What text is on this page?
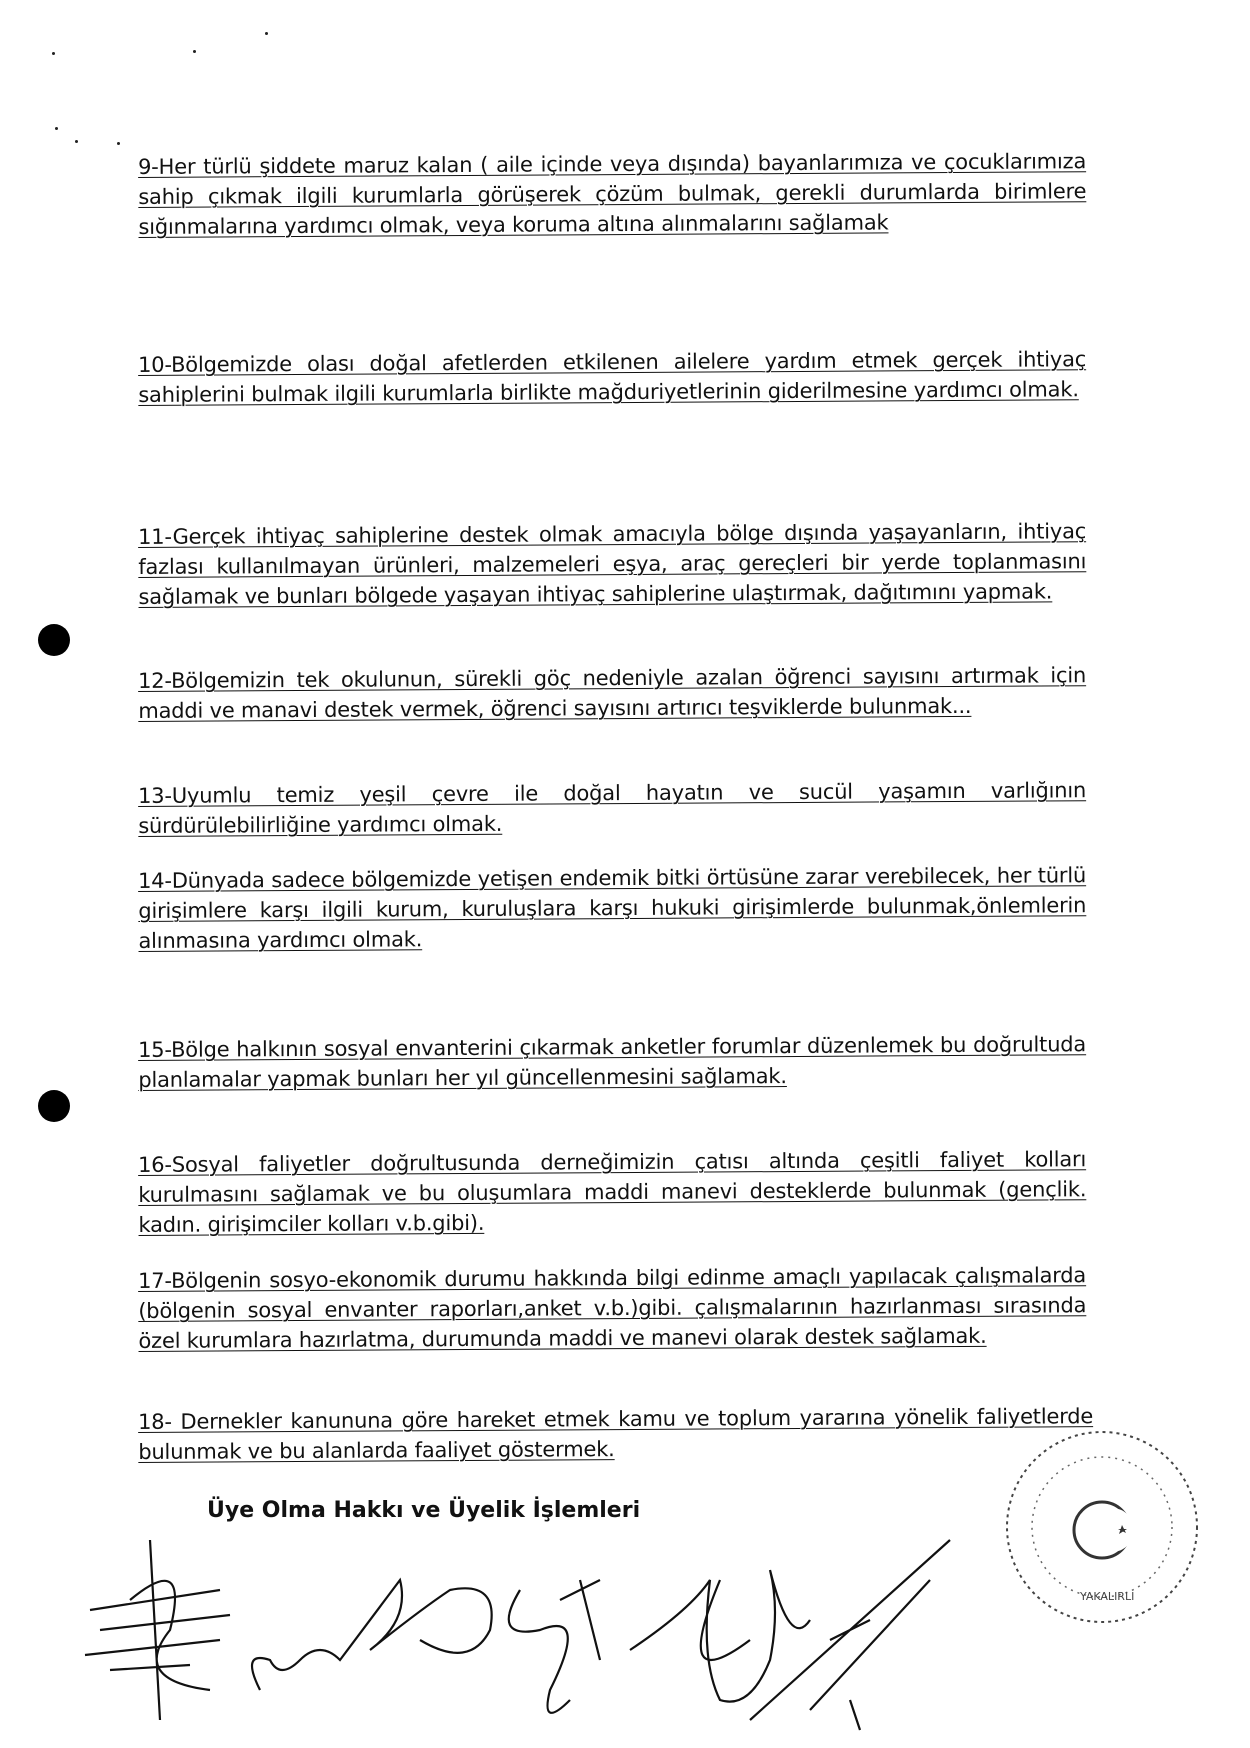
9-Her türlü şiddete maruz kalan ( aile içinde veya dışında) bayanlarımıza ve çocuklarımıza sahip çıkmak ilgili kurumlarla görüşerek çözüm bulmak, gerekli durumlarda birimlere sığınmalarına yardımcı olmak, veya koruma altına alınmalarını sağlamak
10-Bölgemizde olası doğal afetlerden etkilenen ailelere yardım etmek gerçek ihtiyaç sahiplerini bulmak ilgili kurumlarla birlikte mağduriyetlerinin giderilmesine yardımcı olmak.
11-Gerçek ihtiyaç sahiplerine destek olmak amacıyla bölge dışında yaşayanların, ihtiyaç fazlası kullanılmayan ürünleri, malzemeleri eşya, araç gereçleri bir yerde toplanmasını sağlamak ve bunları bölgede yaşayan ihtiyaç sahiplerine ulaştırmak, dağıtımını yapmak.
12-Bölgemizin tek okulunun, sürekli göç nedeniyle azalan öğrenci sayısını artırmak için maddi ve manavi destek vermek, öğrenci sayısını artırıcı teşviklerde bulunmak...
13-Uyumlu temiz yeşil çevre ile doğal hayatın ve sucül yaşamın varlığının sürdürülebilirliğine yardımcı olmak.
14-Dünyada sadece bölgemizde yetişen endemik bitki örtüsüne zarar verebilecek, her türlü girişimlere karşı ilgili kurum, kuruluşlara karşı hukuki girişimlerde bulunmak,önlemlerin alınmasına yardımcı olmak.
15-Bölge halkının sosyal envanterini çıkarmak anketler forumlar düzenlemek bu doğrultuda planlamalar yapmak bunları her yıl güncellenmesini sağlamak.
16-Sosyal faliyetler doğrultusunda derneğimizin çatısı altında çeşitli faliyet kolları kurulmasını sağlamak ve bu oluşumlara maddi manevi desteklerde bulunmak (gençlik. kadın. girişimciler kolları v.b.gibi).
17-Bölgenin sosyo-ekonomik durumu hakkında bilgi edinme amaçlı yapılacak çalışmalarda (bölgenin sosyal envanter raporları,anket v.b.)gibi. çalışmalarının hazırlanması sırasında özel kurumlara hazırlatma, durumunda maddi ve manevi olarak destek sağlamak.
18- Dernekler kanununa göre hareket etmek kamu ve toplum yararına yönelik faliyetlerde bulunmak ve bu alanlarda faaliyet göstermek.
Üye Olma Hakkı ve Üyelik İşlemleri
YAKALIRLI
